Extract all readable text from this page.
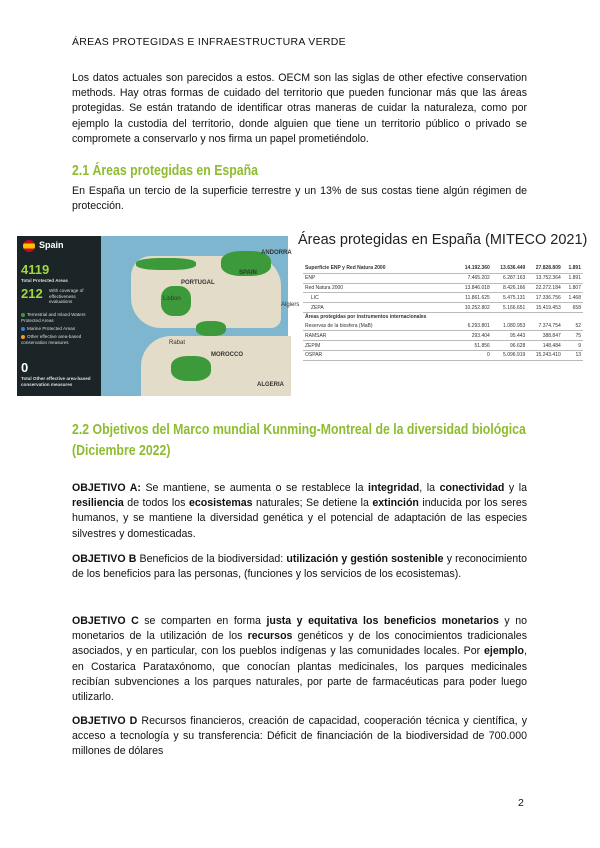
ÁREAS PROTEGIDAS E INFRAESTRUCTURA VERDE
Los datos actuales son parecidos a estos. OECM son las siglas de other efective conservation methods. Hay otras formas de cuidado del territorio que pueden funcionar más que las áreas protegidas. Se están tratando de identificar otras maneras de cuidar la naturaleza, como por ejemplo la custodia del territorio, donde alguien que tiene un territorio público o privado se compromete a conservarlo y nos firma un papel prometiéndolo.
2.1 Áreas protegidas en España
En España un tercio de la superficie terrestre y un 13% de sus costas tiene algún régimen de protección.
Spain
4119
Total Protected Areas
212 With coverage of effectiveness evaluations
Terrestrial and Inland Waters Protected Areas
Marine Protected Areas
Other effective area-based conservation measures
0
Total Other effective area-based conservation measures
ANDORRA
SPAIN
PORTUGAL
Lisbon
Algiers
Rabat
MOROCCO
ALGERIA
Áreas protegidas en España (MITECO 2021)
Superficie ENP y Red Natura 2000	14.192.360	13.636.449	27.828.809	1.891
ENP	7.465.202	6.287.163	13.752.364	1.891
Red Natura 2000	13.846.018	8.426.166	22.272.184	1.807
LIC	11.861.625	5.475.131	17.336.756	1.468
ZEPA	10.252.802	5.166.651	15.419.453	658
Áreas protegidas por instrumentos internacionales				
Reservas de la biosfera (MaB)	6.293.801	1.080.953	7.374.754	52
RAMSAR	293.404	95.443	388.847	75
ZEPIM	51.856	96.628	148.484	9
OSPAR	0	5.096.919	15.243.410	13
2.2 Objetivos del Marco mundial Kunming-Montreal de la diversidad biológica (Diciembre 2022)
OBJETIVO A: Se mantiene, se aumenta o se restablece la integridad, la conectividad y la resiliencia de todos los ecosistemas naturales; Se detiene la extinción inducida por los seres humanos, y se mantiene la diversidad genética y el potencial de adaptación de las especies silvestres y domesticadas.
OBJETIVO B Beneficios de la biodiversidad: utilización y gestión sostenible y reconocimiento de los beneficios para las personas, (funciones y los servicios de los ecosistemas).
OBJETIVO C se comparten en forma justa y equitativa los beneficios monetarios y no monetarios de la utilización de los recursos genéticos y de los conocimientos tradicionales asociados, y en particular, con los pueblos indígenas y las comunidades locales. Por ejemplo, en Costarica Parataxónomo, que conocían plantas medicinales, los parques medicinales recibían subvenciones a los parques naturales, por parte de farmacéuticas para poder luego utilizarlo.
OBJETIVO D Recursos financieros, creación de capacidad, cooperación técnica y científica, y acceso a tecnología y su transferencia: Déficit de financiación de la biodiversidad de 700.000 millones de dólares
2
